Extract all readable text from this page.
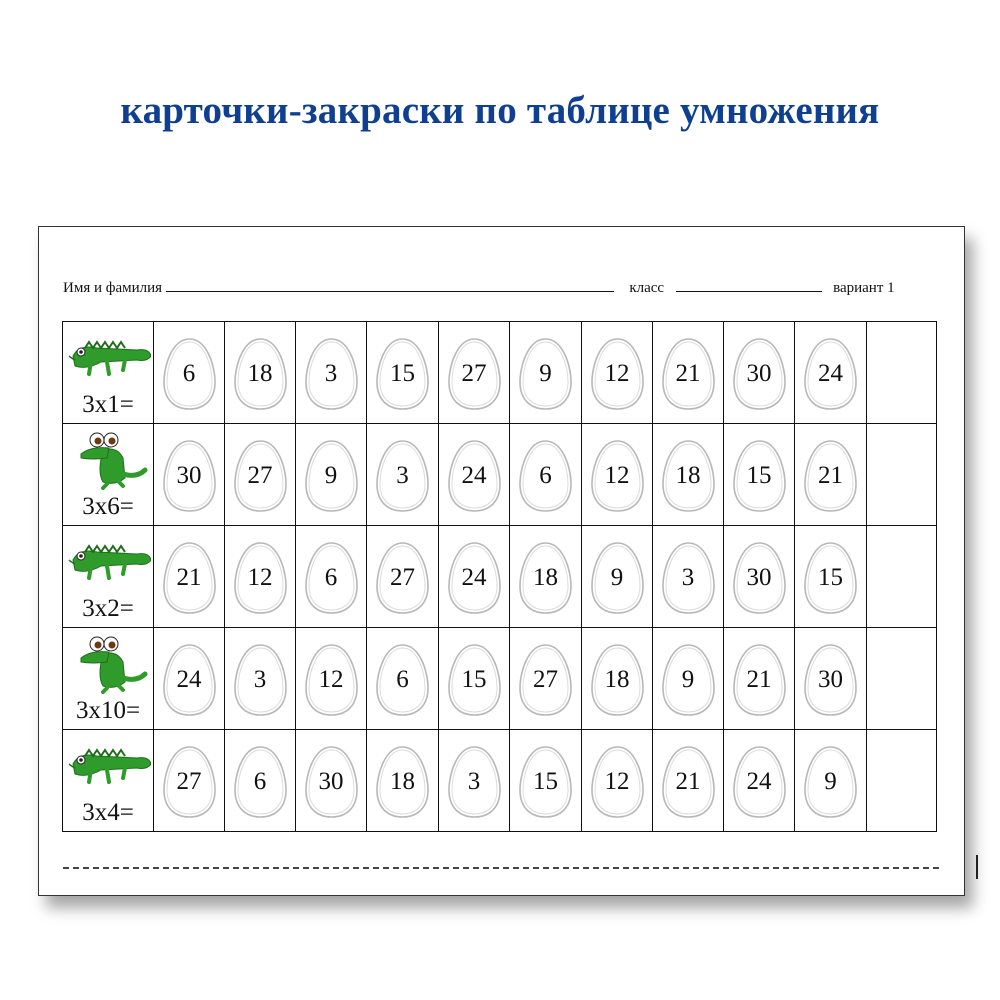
карточки-закраски по таблице умножения
Имя и фамилия	класс	вариант 1
3x1=	6	18	3	15	27	9	12	21	30	24	

3x6=	30	27	9	3	24	6	12	18	15	21	

3x2=	21	12	6	27	24	18	9	3	30	15	

3x10=	24	3	12	6	15	27	18	9	21	30	

3x4=	27	6	30	18	3	15	12	21	24	9	
